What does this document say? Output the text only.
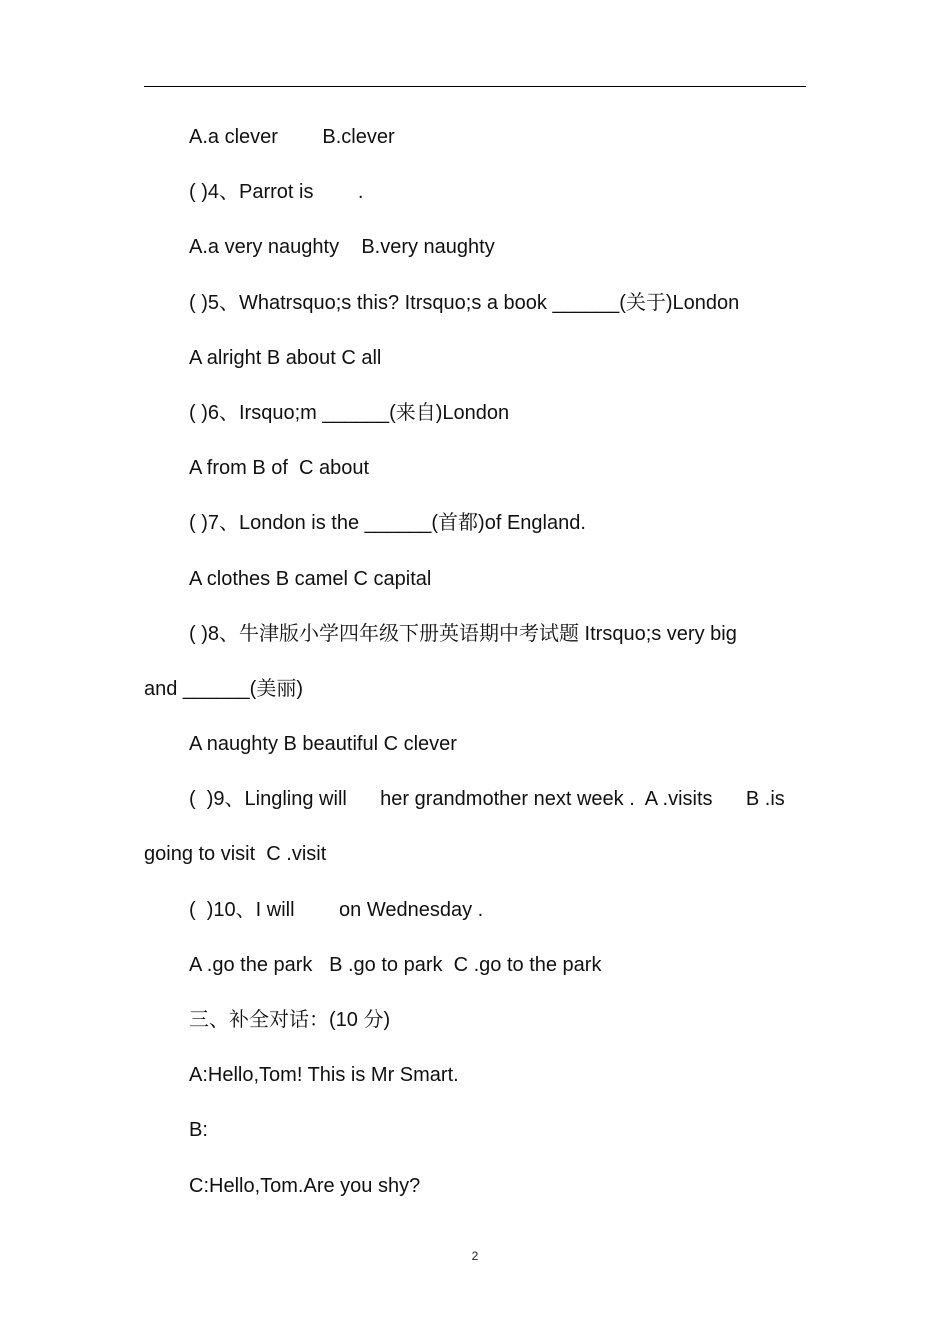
A.a clever        B.clever
( )4、Parrot is        .
A.a very naughty    B.very naughty
( )5、Whatrsquo;s this? Itrsquo;s a book ______(关于)London
A alright B about C all
( )6、Irsquo;m ______(来自)London
A from B of  C about
( )7、London is the ______(首都)of England.
A clothes B camel C capital
( )8、牛津版小学四年级下册英语期中考试题 Itrsquo;s very big
and ______(美丽)
A naughty B beautiful C clever
(  )9、Lingling will      her grandmother next week .  A .visits      B .is
going to visit  C .visit
(  )10、I will        on Wednesday .
A .go the park   B .go to park  C .go to the park
三、补全对话：(10 分)
A:Hello,Tom! This is Mr Smart.
B:
C:Hello,Tom.Are you shy?
2
